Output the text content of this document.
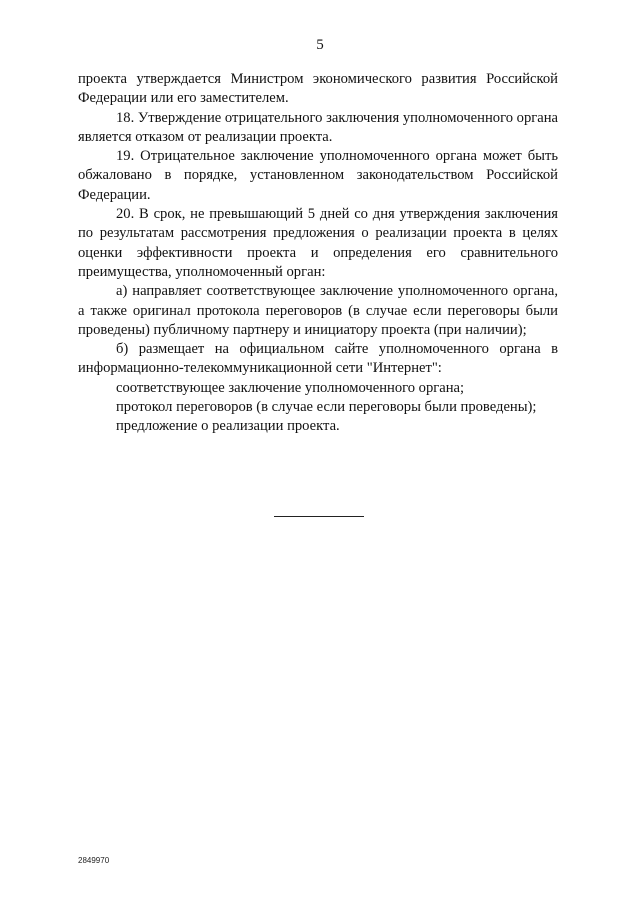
5

проекта утверждается Министром экономического развития Российской Федерации или его заместителем.

18. Утверждение отрицательного заключения уполномоченного органа является отказом от реализации проекта.

19. Отрицательное заключение уполномоченного органа может быть обжаловано в порядке, установленном законодательством Российской Федерации.

20. В срок, не превышающий 5 дней со дня утверждения заключения по результатам рассмотрения предложения о реализации проекта в целях оценки эффективности проекта и определения его сравнительного преимущества, уполномоченный орган:

а) направляет соответствующее заключение уполномоченного органа, а также оригинал протокола переговоров (в случае если переговоры были проведены) публичному партнеру и инициатору проекта (при наличии);

б) размещает на официальном сайте уполномоченного органа в информационно-телекоммуникационной сети "Интернет":

соответствующее заключение уполномоченного органа;

протокол переговоров (в случае если переговоры были проведены);

предложение о реализации проекта.

2849970
